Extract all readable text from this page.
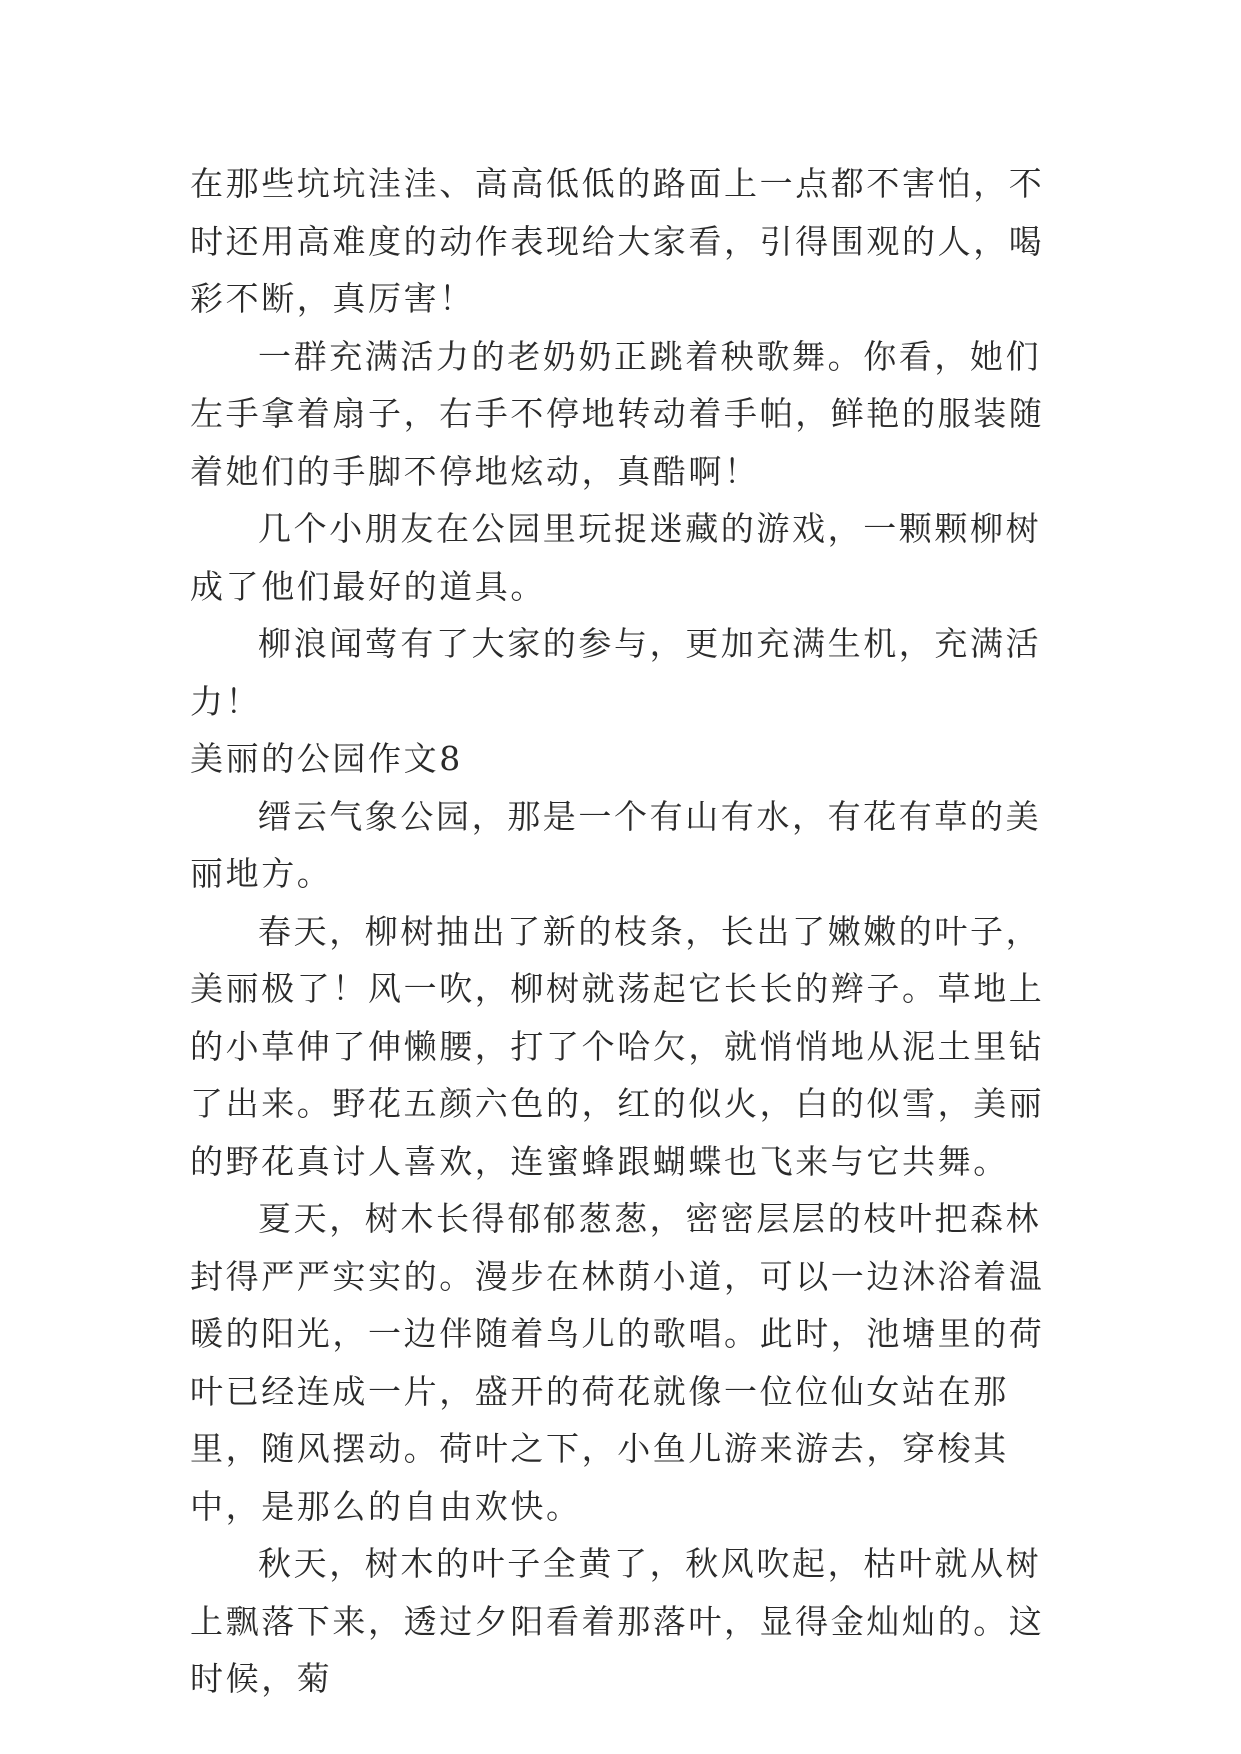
在那些坑坑洼洼、高高低低的路面上一点都不害怕，不时还用高难度的动作表现给大家看，引得围观的人，喝彩不断，真厉害！

一群充满活力的老奶奶正跳着秧歌舞。你看，她们左手拿着扇子，右手不停地转动着手帕，鲜艳的服装随着她们的手脚不停地炫动，真酷啊！

几个小朋友在公园里玩捉迷藏的游戏，一颗颗柳树成了他们最好的道具。

柳浪闻莺有了大家的参与，更加充满生机，充满活力！

美丽的公园作文8

缙云气象公园，那是一个有山有水，有花有草的美丽地方。

春天，柳树抽出了新的枝条，长出了嫩嫩的叶子，美丽极了！风一吹，柳树就荡起它长长的辫子。草地上的小草伸了伸懒腰，打了个哈欠，就悄悄地从泥土里钻了出来。野花五颜六色的，红的似火，白的似雪，美丽的野花真讨人喜欢，连蜜蜂跟蝴蝶也飞来与它共舞。

夏天，树木长得郁郁葱葱，密密层层的枝叶把森林封得严严实实的。漫步在林荫小道，可以一边沐浴着温暖的阳光，一边伴随着鸟儿的歌唱。此时，池塘里的荷叶已经连成一片，盛开的荷花就像一位位仙女站在那里，随风摆动。荷叶之下，小鱼儿游来游去，穿梭其中，是那么的自由欢快。

秋天，树木的叶子全黄了，秋风吹起，枯叶就从树上飘落下来，透过夕阳看着那落叶，显得金灿灿的。这时候，菊
